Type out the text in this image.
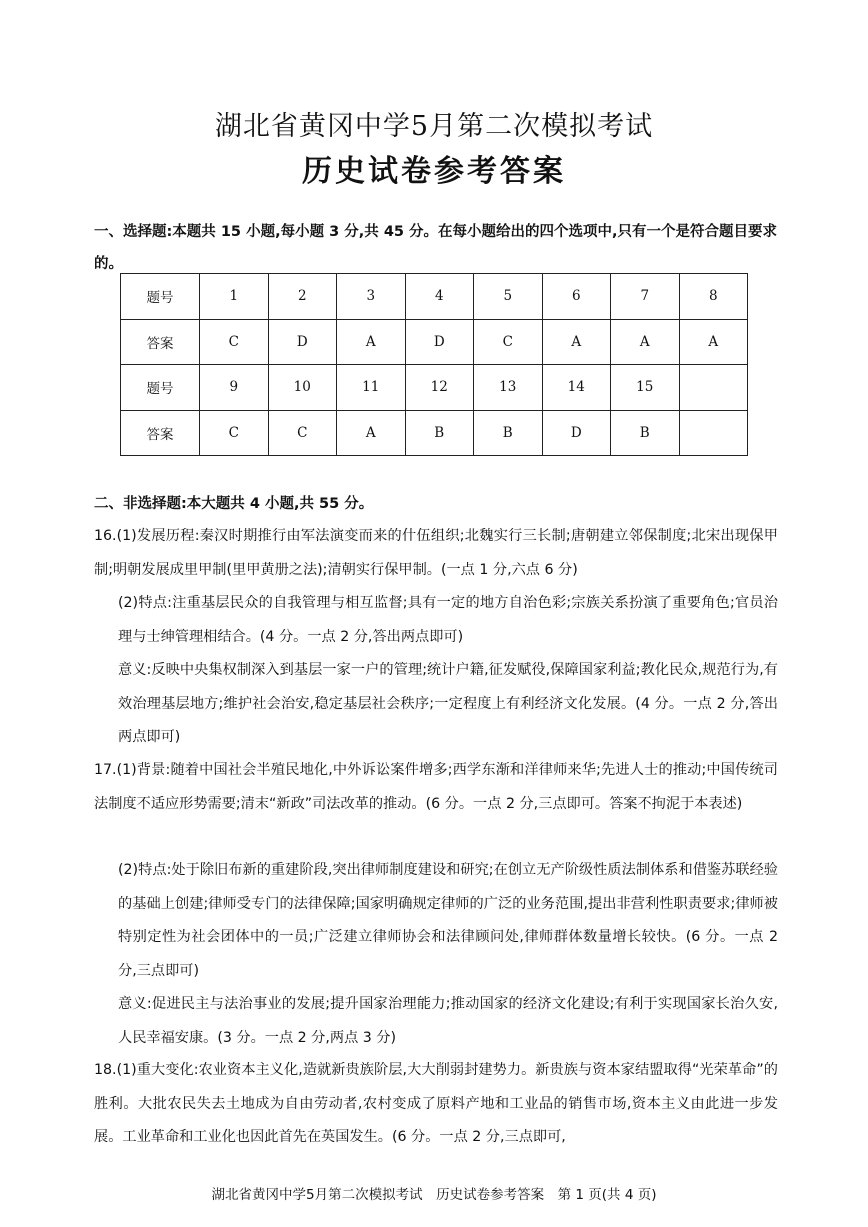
湖北省黄冈中学5月第二次模拟考试
历史试卷参考答案
一、选择题:本题共 15 小题,每小题 3 分,共 45 分。在每小题给出的四个选项中,只有一个是符合题目要求的。
题号	1	2	3	4	5	6	7	8
答案	C	D	A	D	C	A	A	A
题号	9	10	11	12	13	14	15	
答案	C	C	A	B	B	D	B	
二、非选择题:本大题共 4 小题,共 55 分。
16.(1)发展历程:秦汉时期推行由军法演变而来的什伍组织;北魏实行三长制;唐朝建立邻保制度;北宋出现保甲制;明朝发展成里甲制(里甲黄册之法);清朝实行保甲制。(一点 1 分,六点 6 分)
(2)特点:注重基层民众的自我管理与相互监督;具有一定的地方自治色彩;宗族关系扮演了重要角色;官员治理与士绅管理相结合。(4 分。一点 2 分,答出两点即可)
意义:反映中央集权制深入到基层一家一户的管理;统计户籍,征发赋役,保障国家利益;教化民众,规范行为,有效治理基层地方;维护社会治安,稳定基层社会秩序;一定程度上有利经济文化发展。(4 分。一点 2 分,答出两点即可)
17.(1)背景:随着中国社会半殖民地化,中外诉讼案件增多;西学东渐和洋律师来华;先进人士的推动;中国传统司法制度不适应形势需要;清末“新政”司法改革的推动。(6 分。一点 2 分,三点即可。答案不拘泥于本表述)
(2)特点:处于除旧布新的重建阶段,突出律师制度建设和研究;在创立无产阶级性质法制体系和借鉴苏联经验的基础上创建;律师受专门的法律保障;国家明确规定律师的广泛的业务范围,提出非营利性职责要求;律师被特别定性为社会团体中的一员;广泛建立律师协会和法律顾问处,律师群体数量增长较快。(6 分。一点 2 分,三点即可)
意义:促进民主与法治事业的发展;提升国家治理能力;推动国家的经济文化建设;有利于实现国家长治久安,人民幸福安康。(3 分。一点 2 分,两点 3 分)
18.(1)重大变化:农业资本主义化,造就新贵族阶层,大大削弱封建势力。新贵族与资本家结盟取得“光荣革命”的胜利。大批农民失去土地成为自由劳动者,农村变成了原料产地和工业品的销售市场,资本主义由此进一步发展。工业革命和工业化也因此首先在英国发生。(6 分。一点 2 分,三点即可,
湖北省黄冈中学5月第二次模拟考试　历史试卷参考答案　第 1 页(共 4 页)
